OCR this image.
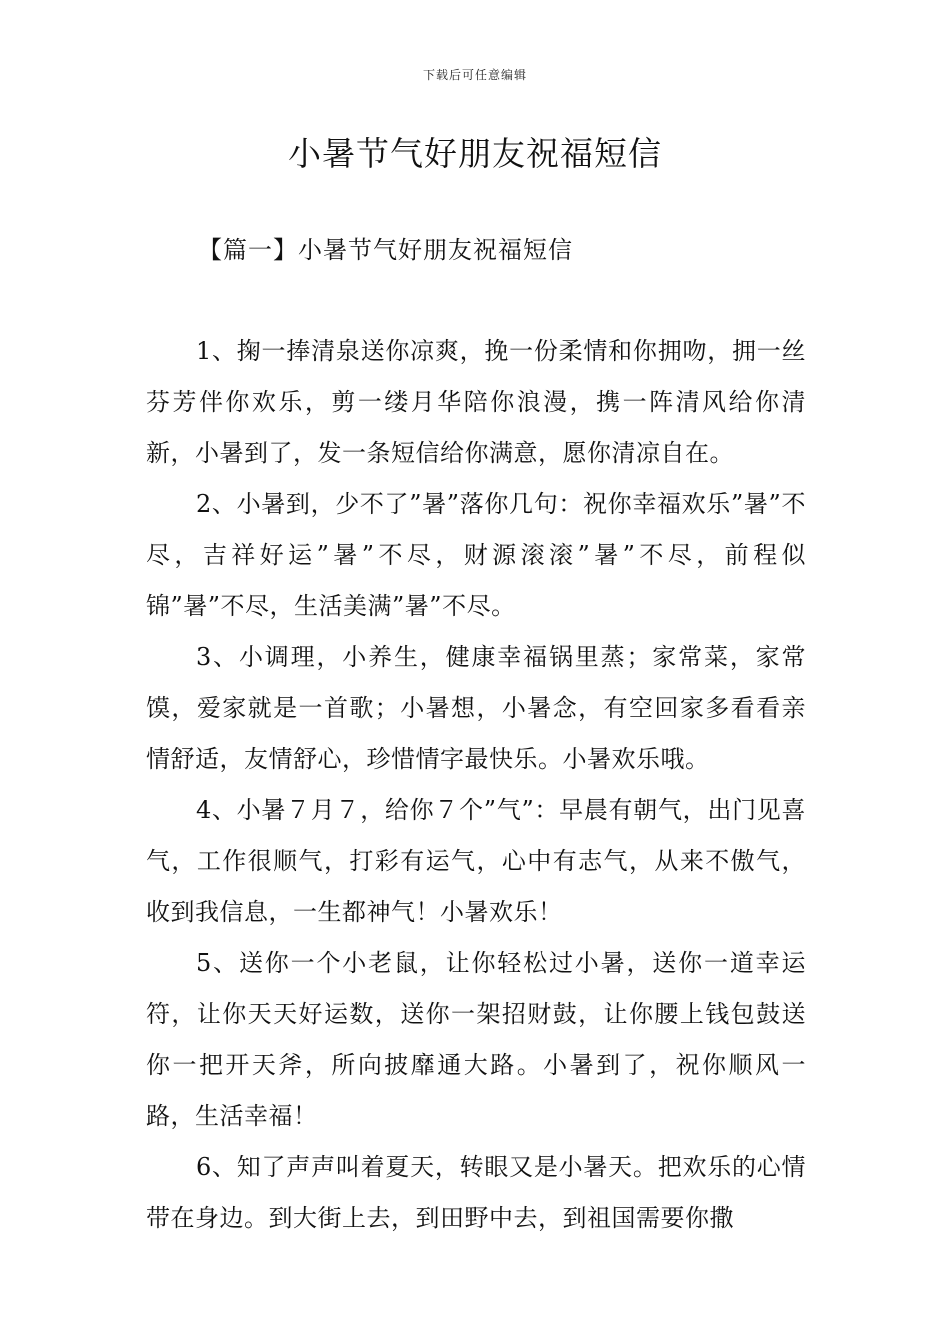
下载后可任意编辑
小暑节气好朋友祝福短信
【篇一】小暑节气好朋友祝福短信

1、掬一捧清泉送你凉爽，挽一份柔情和你拥吻，拥一丝芬芳伴你欢乐，剪一缕月华陪你浪漫，携一阵清风给你清新，小暑到了，发一条短信给你满意，愿你清凉自在。

2、小暑到，少不了”暑”落你几句：祝你幸福欢乐”暑”不尽，吉祥好运”暑”不尽，财源滚滚”暑”不尽，前程似锦”暑”不尽，生活美满”暑”不尽。

3、小调理，小养生，健康幸福锅里蒸；家常菜，家常馍，爱家就是一首歌；小暑想，小暑念，有空回家多看看亲情舒适，友情舒心，珍惜情字最快乐。小暑欢乐哦。

4、小暑７月７，给你７个”气”：早晨有朝气，出门见喜气，工作很顺气，打彩有运气，心中有志气，从来不傲气，收到我信息，一生都神气！小暑欢乐！

5、送你一个小老鼠，让你轻松过小暑，送你一道幸运符，让你天天好运数，送你一架招财鼓，让你腰上钱包鼓送你一把开天斧，所向披靡通大路。小暑到了，祝你顺风一路，生活幸福！

6、知了声声叫着夏天，转眼又是小暑天。把欢乐的心情带在身边。到大街上去，到田野中去，到祖国需要你撒
